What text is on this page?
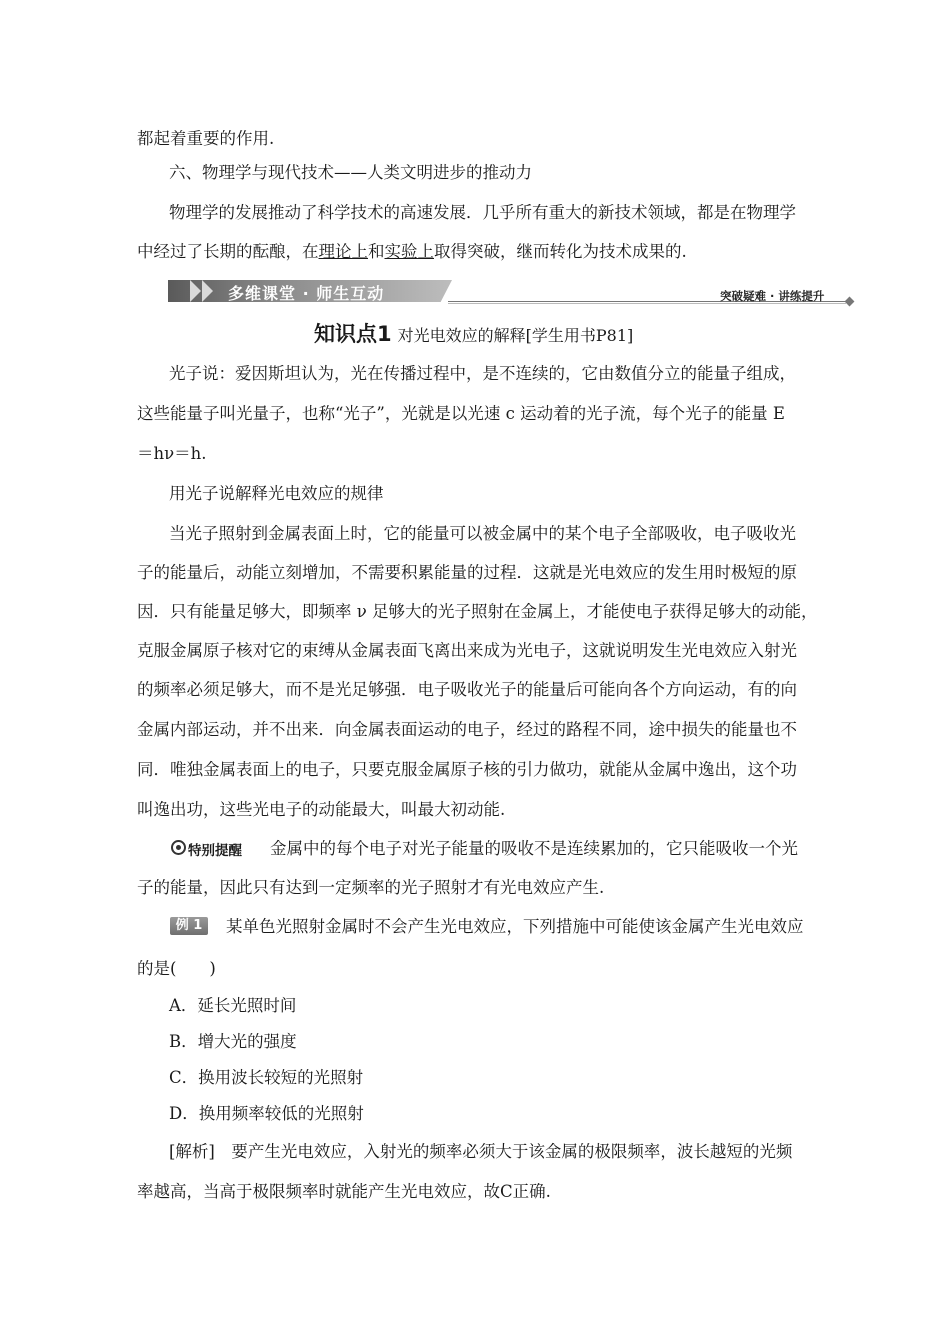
都起着重要的作用.
六、物理学与现代技术——人类文明进步的推动力
物理学的发展推动了科学技术的高速发展．几乎所有重大的新技术领域，都是在物理学
中经过了长期的酝酿，在理论上和实验上取得突破，继而转化为技术成果的.
多维课堂 · 师生互动	突破疑难 · 讲练提升
知识点1 对光电效应的解释[学生用书P81]
光子说：爱因斯坦认为，光在传播过程中，是不连续的，它由数值分立的能量子组成，
这些能量子叫光量子，也称“光子”，光就是以光速 c 运动着的光子流，每个光子的能量 E
＝hν＝h.
用光子说解释光电效应的规律
当光子照射到金属表面上时，它的能量可以被金属中的某个电子全部吸收，电子吸收光
子的能量后，动能立刻增加，不需要积累能量的过程．这就是光电效应的发生用时极短的原
因．只有能量足够大，即频率 ν 足够大的光子照射在金属上，才能使电子获得足够大的动能，
克服金属原子核对它的束缚从金属表面飞离出来成为光电子，这就说明发生光电效应入射光
的频率必须足够大，而不是光足够强．电子吸收光子的能量后可能向各个方向运动，有的向
金属内部运动，并不出来．向金属表面运动的电子，经过的路程不同，途中损失的能量也不
同．唯独金属表面上的电子，只要克服金属原子核的引力做功，就能从金属中逸出，这个功
叫逸出功，这些光电子的动能最大，叫最大初动能.
特别提醒 金属中的每个电子对光子能量的吸收不是连续累加的，它只能吸收一个光
子的能量，因此只有达到一定频率的光子照射才有光电效应产生.
例 1	某单色光照射金属时不会产生光电效应，下列措施中可能使该金属产生光电效应
的是(　　)
A．延长光照时间
B．增大光的强度
C．换用波长较短的光照射
D．换用频率较低的光照射
[解析]　要产生光电效应，入射光的频率必须大于该金属的极限频率，波长越短的光频
率越高，当高于极限频率时就能产生光电效应，故C正确.
